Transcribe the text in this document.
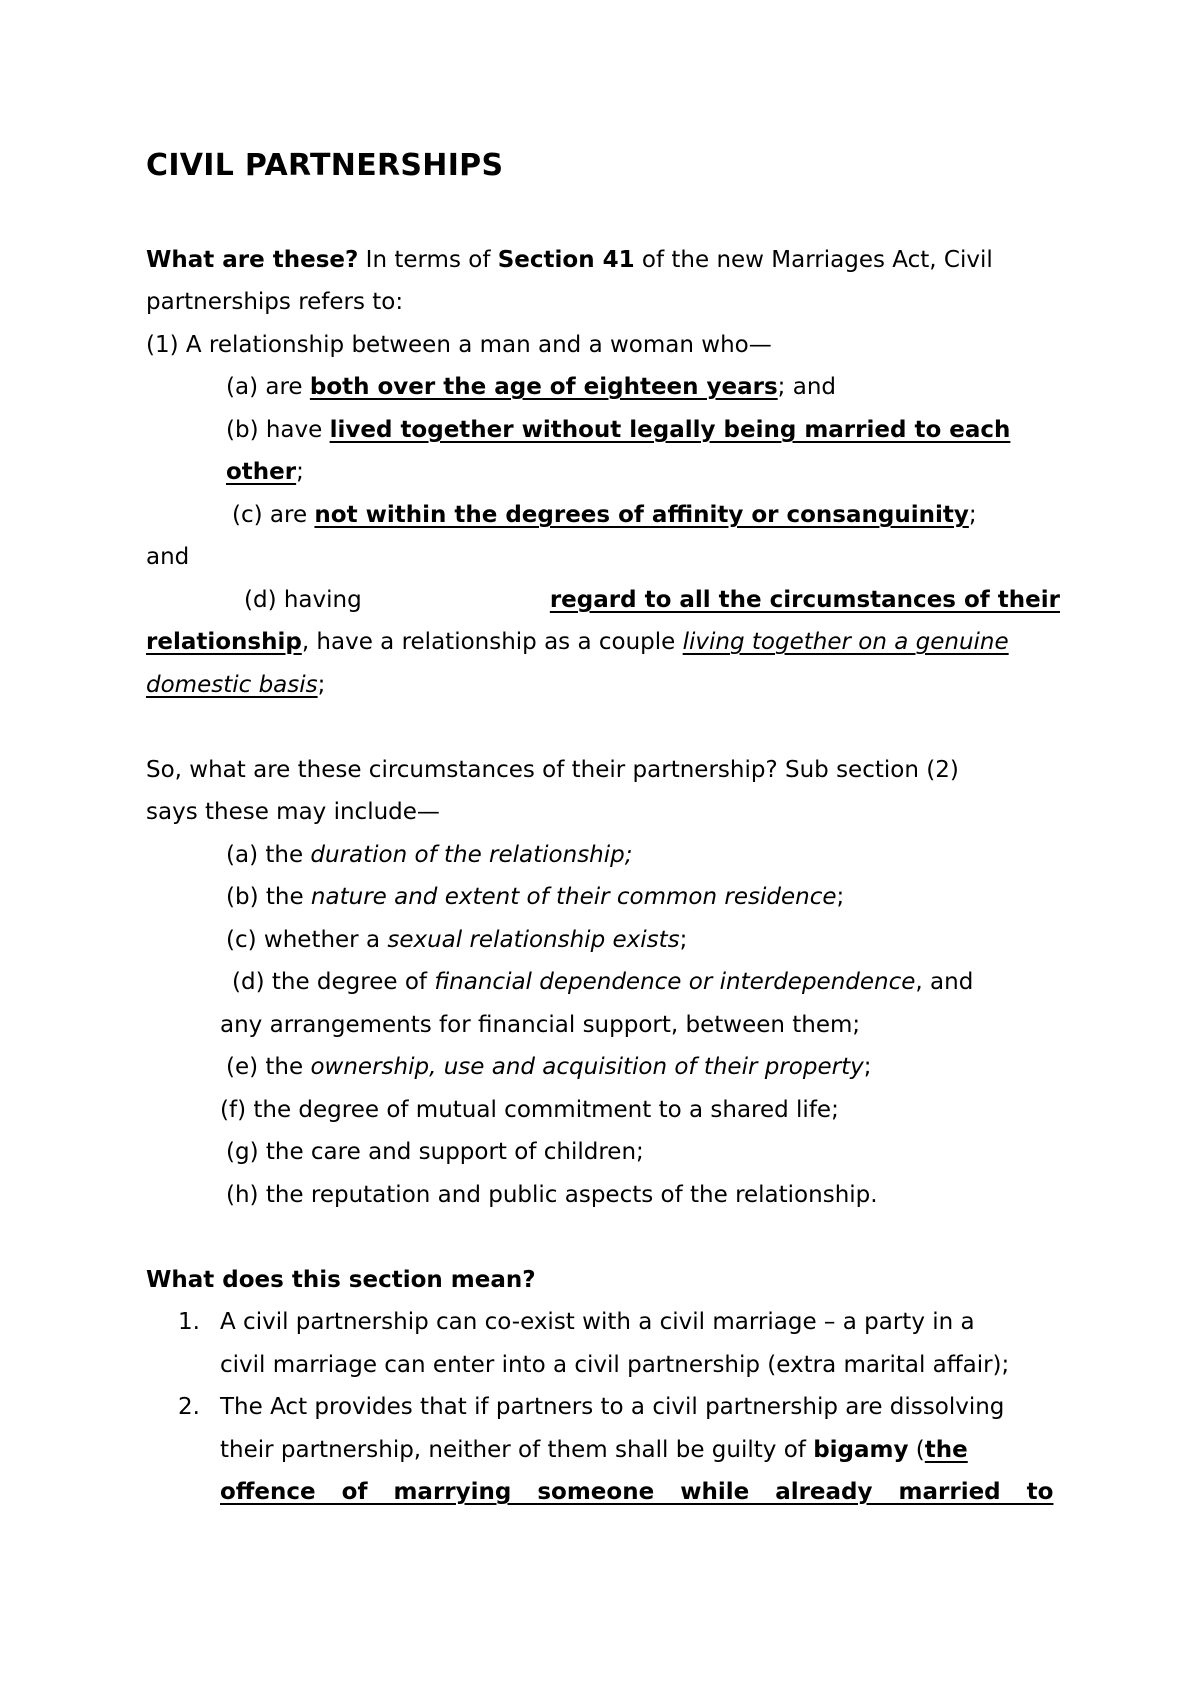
CIVIL PARTNERSHIPS
What are these? In terms of Section 41 of the new Marriages Act, Civil
partnerships refers to:
(1) A relationship between a man and a woman who—
(a) are both over the age of eighteen years; and
(b) have lived together without legally being married to each
other;
(c) are not within the degrees of affinity or consanguinity;
and
(d) having	regard to all the circumstances of their
relationship, have a relationship as a couple living together on a genuine
domestic basis;
So, what are these circumstances of their partnership? Sub section (2)
says these may include—
(a) the duration of the relationship;
(b) the nature and extent of their common residence;
(c) whether a sexual relationship exists;
(d) the degree of financial dependence or interdependence, and
any arrangements for financial support, between them;
(e) the ownership, use and acquisition of their property;
(f) the degree of mutual commitment to a shared life;
(g) the care and support of children;
(h) the reputation and public aspects of the relationship.
What does this section mean?
1. A civil partnership can co-exist with a civil marriage – a party in a
civil marriage can enter into a civil partnership (extra marital affair);
2. The Act provides that if partners to a civil partnership are dissolving
their partnership, neither of them shall be guilty of bigamy (the
offence of marrying someone while already married to
